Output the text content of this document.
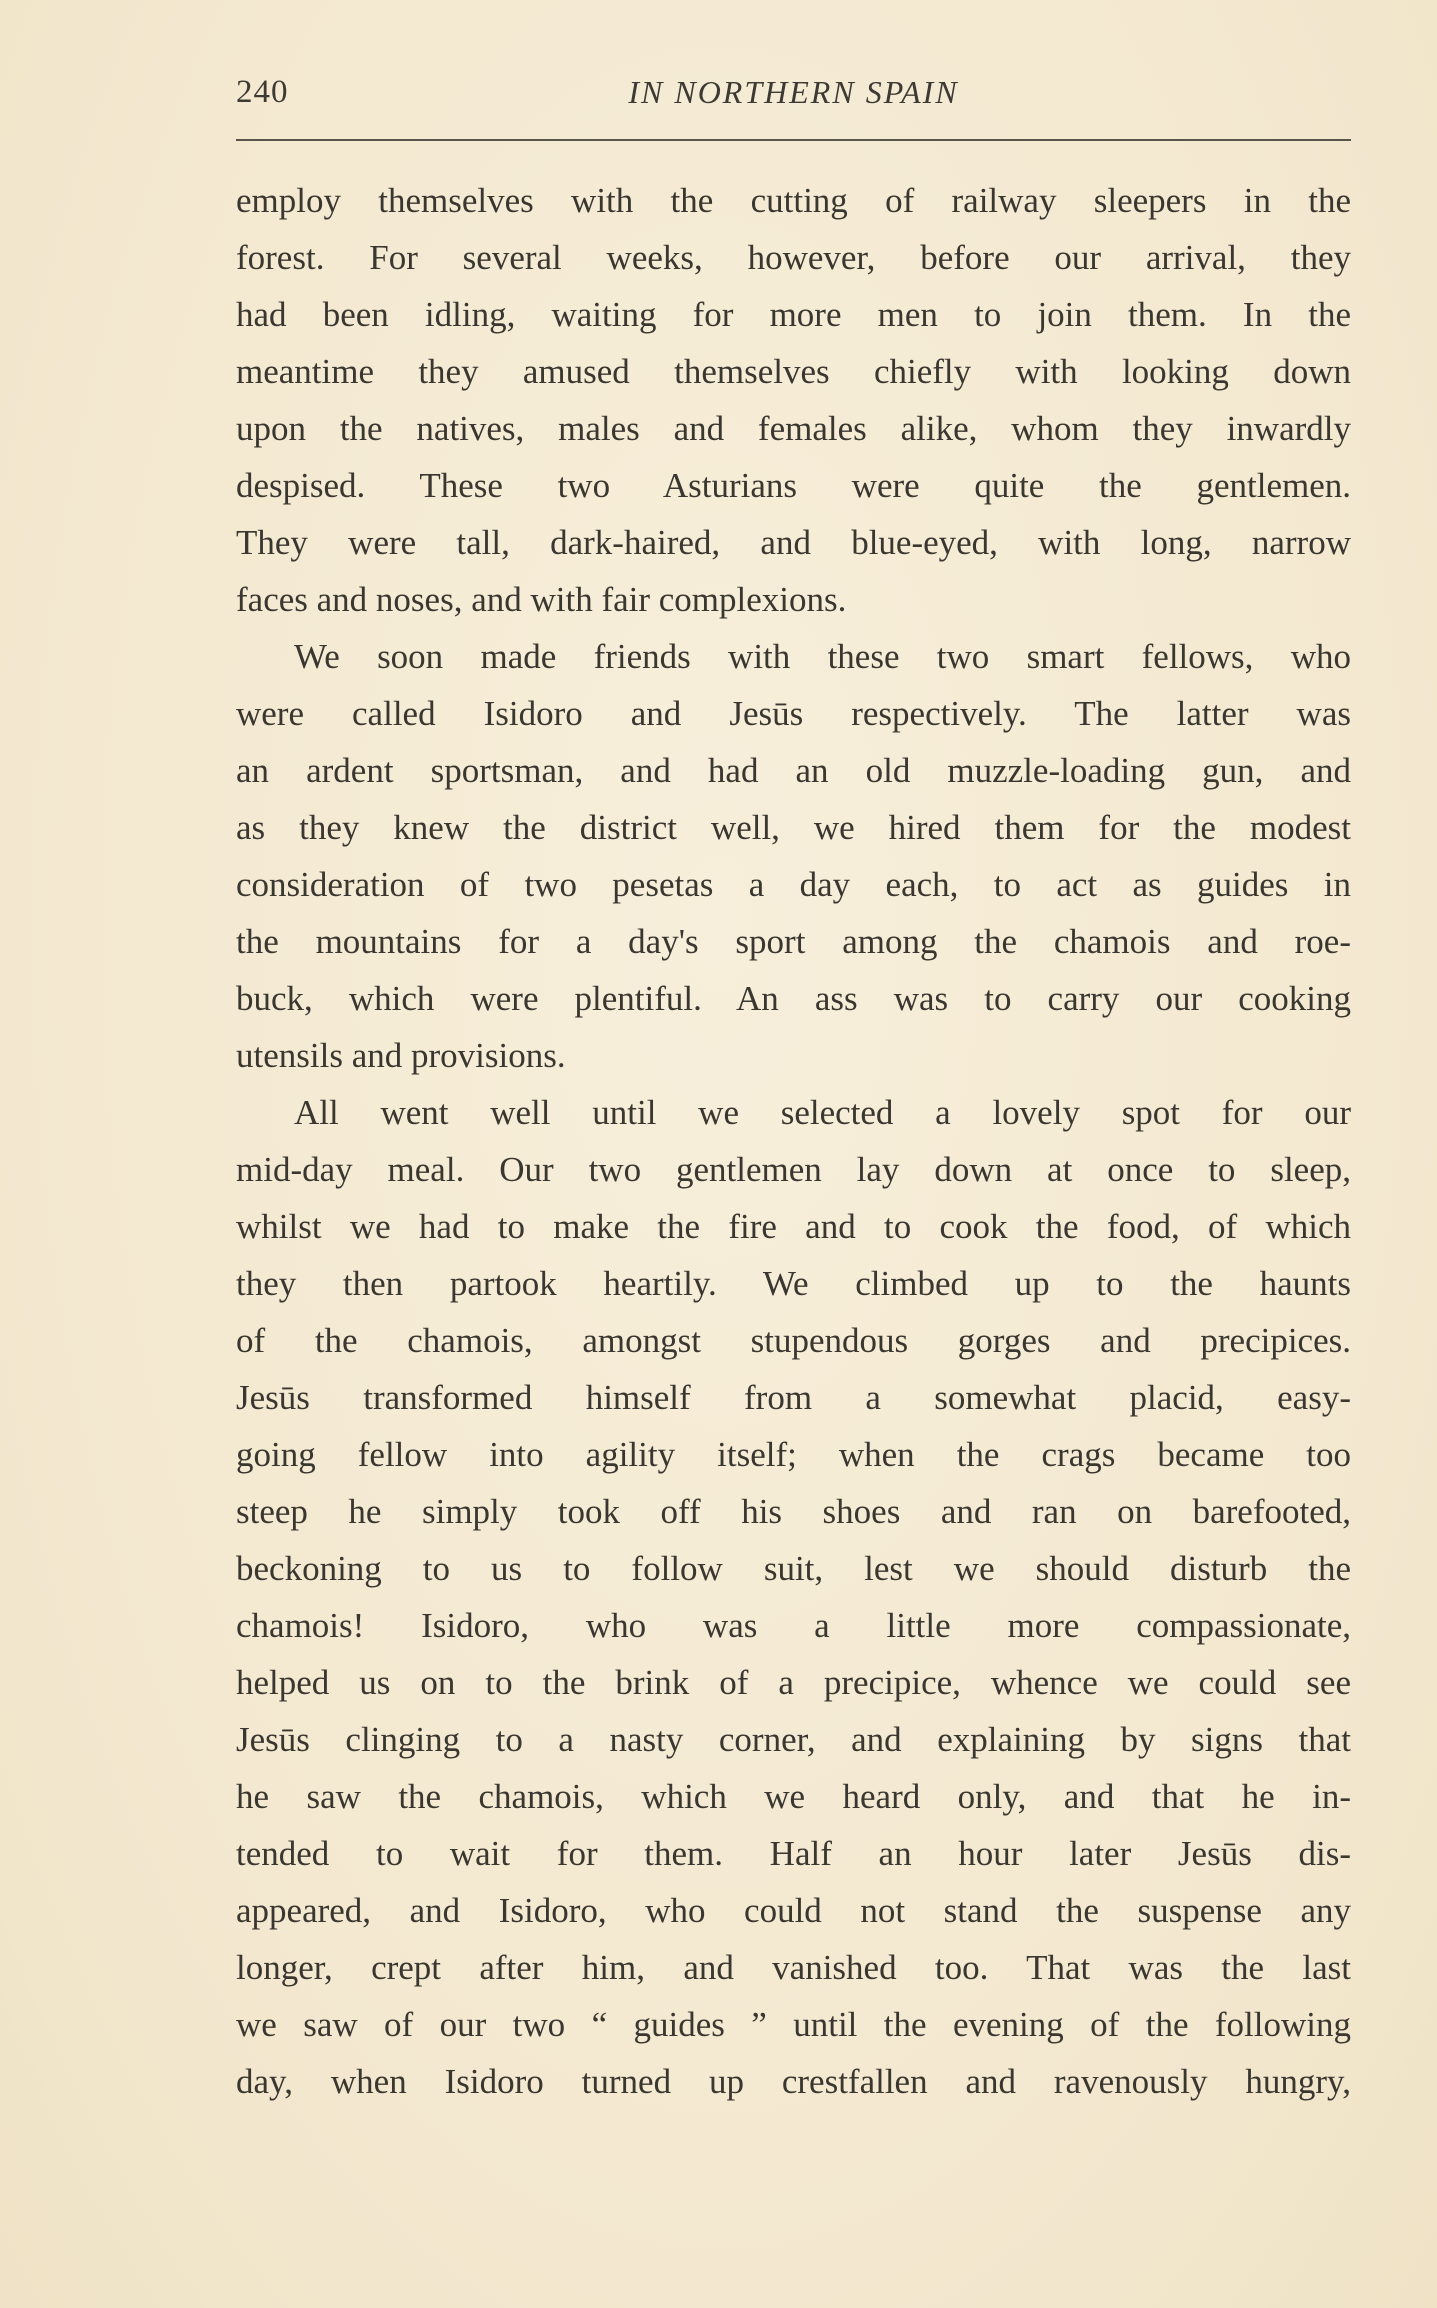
240	IN NORTHERN SPAIN
employ themselves with the cutting of railway sleepers in the
forest. For several weeks, however, before our arrival, they
had been idling, waiting for more men to join them. In the
meantime they amused themselves chiefly with looking down
upon the natives, males and females alike, whom they inwardly
despised. These two Asturians were quite the gentlemen.
They were tall, dark-haired, and blue-eyed, with long, narrow
faces and noses, and with fair complexions.
We soon made friends with these two smart fellows, who
were called Isidoro and Jesūs respectively. The latter was
an ardent sportsman, and had an old muzzle-loading gun, and
as they knew the district well, we hired them for the modest
consideration of two pesetas a day each, to act as guides in
the mountains for a day's sport among the chamois and roe-
buck, which were plentiful. An ass was to carry our cooking
utensils and provisions.
All went well until we selected a lovely spot for our
mid-day meal. Our two gentlemen lay down at once to sleep,
whilst we had to make the fire and to cook the food, of which
they then partook heartily. We climbed up to the haunts
of the chamois, amongst stupendous gorges and precipices.
Jesūs transformed himself from a somewhat placid, easy-
going fellow into agility itself; when the crags became too
steep he simply took off his shoes and ran on barefooted,
beckoning to us to follow suit, lest we should disturb the
chamois! Isidoro, who was a little more compassionate,
helped us on to the brink of a precipice, whence we could see
Jesūs clinging to a nasty corner, and explaining by signs that
he saw the chamois, which we heard only, and that he in-
tended to wait for them. Half an hour later Jesūs dis-
appeared, and Isidoro, who could not stand the suspense any
longer, crept after him, and vanished too. That was the last
we saw of our two “ guides ” until the evening of the following
day, when Isidoro turned up crestfallen and ravenously hungry,
